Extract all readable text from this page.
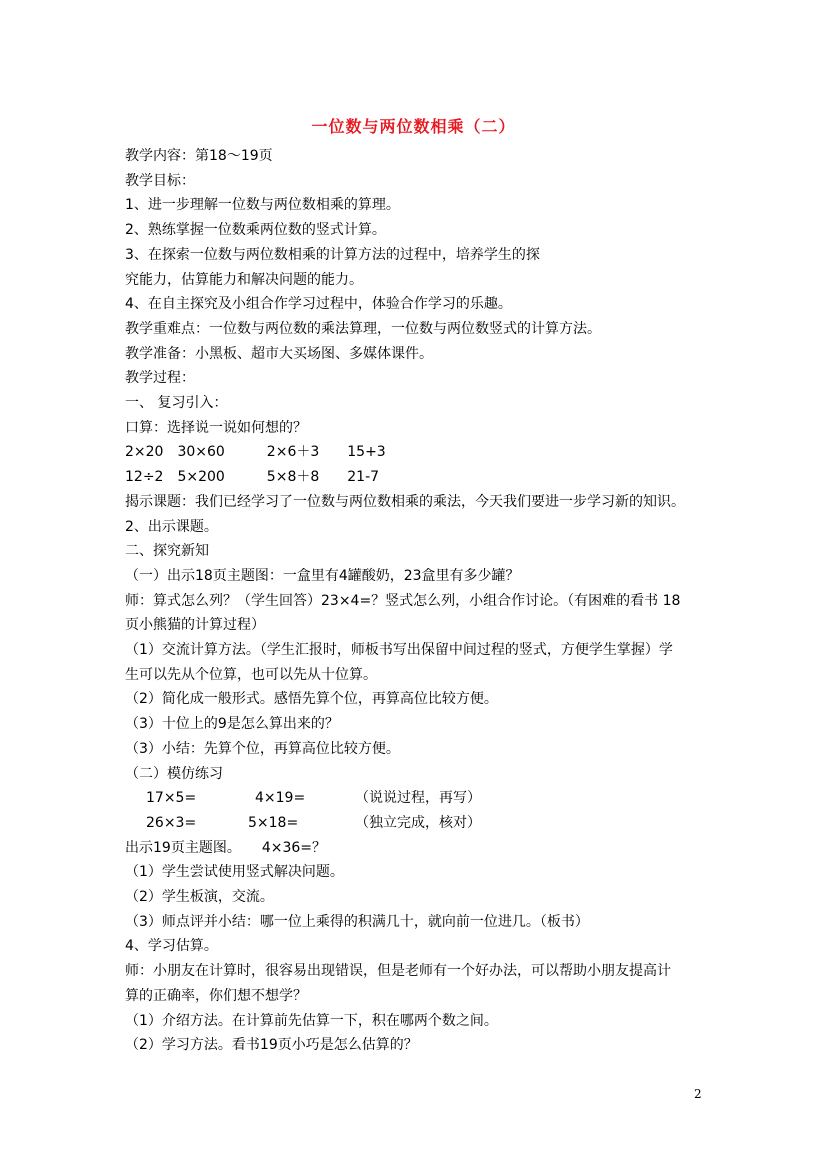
一位数与两位数相乘（二）
教学内容：第18～19页
教学目标：
1、进一步理解一位数与两位数相乘的算理。
2、熟练掌握一位数乘两位数的竖式计算。
3、在探索一位数与两位数相乘的计算方法的过程中，培养学生的探
究能力，估算能力和解决问题的能力。
4、在自主探究及小组合作学习过程中，体验合作学习的乐趣。
教学重难点：一位数与两位数的乘法算理，一位数与两位数竖式的计算方法。
教学准备：小黑板、超市大买场图、多媒体课件。
教学过程：
一、 复习引入：
口算：选择说一说如何想的？
2×20　30×60　　　2×6＋3　　15+3
12÷2　5×200　　　5×8＋8　　21-7
揭示课题：我们已经学习了一位数与两位数相乘的乘法，今天我们要进一步学习新的知识。
2、出示课题。
二、探究新知
（一）出示18页主题图：一盒里有4罐酸奶，23盒里有多少罐？
师：算式怎么列？（学生回答）23×4=？竖式怎么列，小组合作讨论。（有困难的看书 18
页小熊猫的计算过程）
（1）交流计算方法。（学生汇报时，师板书写出保留中间过程的竖式，方便学生掌握）学
生可以先从个位算，也可以先从十位算。
（2）简化成一般形式。感悟先算个位，再算高位比较方便。
（3）十位上的9是怎么算出来的？
（3）小结：先算个位，再算高位比较方便。
（二）模仿练习
17×5=	4×19=	（说说过程，再写）
26×3=	5×18=	（独立完成，核对）
出示19页主题图。　　4×36=？
（1）学生尝试使用竖式解决问题。
（2）学生板演，交流。
（3）师点评并小结：哪一位上乘得的积满几十，就向前一位进几。（板书）
4、学习估算。
师：小朋友在计算时，很容易出现错误，但是老师有一个好办法，可以帮助小朋友提高计
算的正确率，你们想不想学？
（1）介绍方法。在计算前先估算一下，积在哪两个数之间。
（2）学习方法。看书19页小巧是怎么估算的？
2
